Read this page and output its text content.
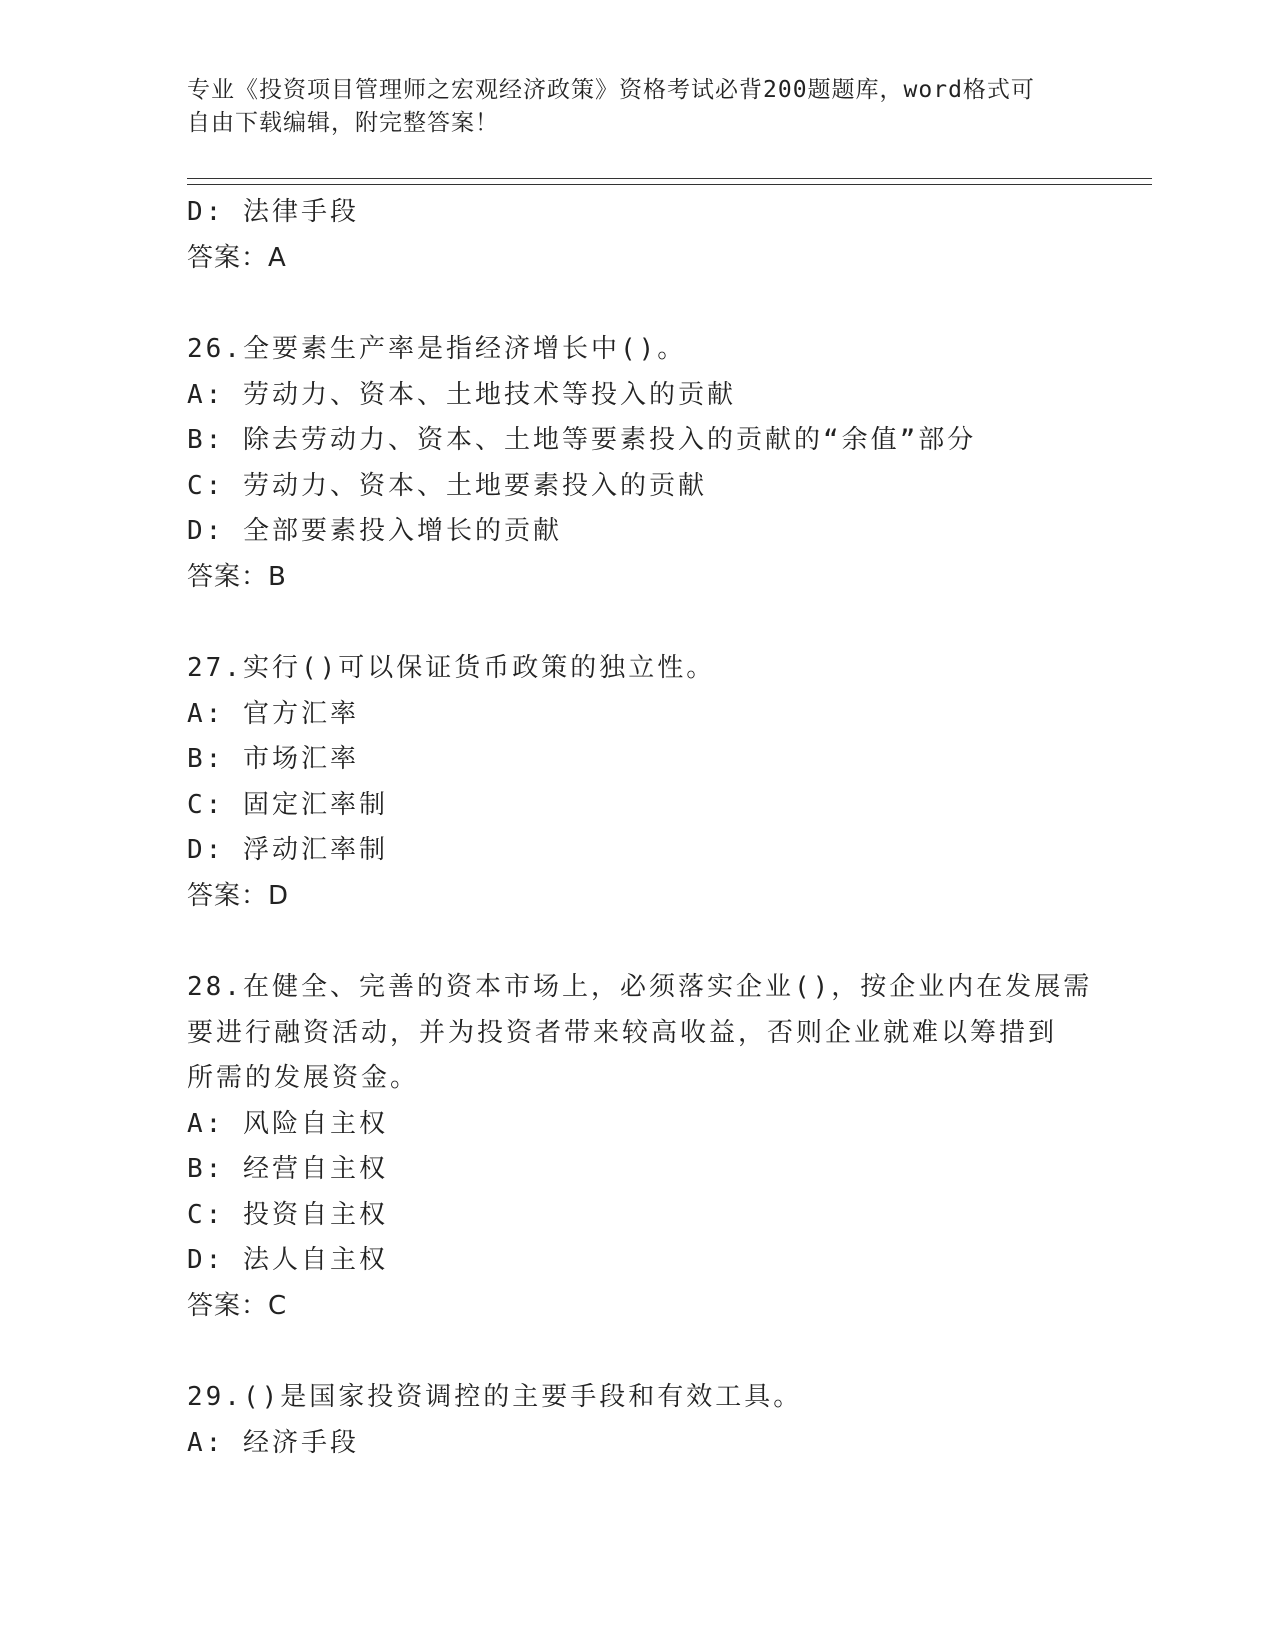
专业《投资项目管理师之宏观经济政策》资格考试必背200题题库，word格式可
自由下载编辑，附完整答案！
D: 法律手段
答案：A
26.全要素生产率是指经济增长中()。
A: 劳动力、资本、土地技术等投入的贡献
B: 除去劳动力、资本、土地等要素投入的贡献的“余值”部分
C: 劳动力、资本、土地要素投入的贡献
D: 全部要素投入增长的贡献
答案：B
27.实行()可以保证货币政策的独立性。
A: 官方汇率
B: 市场汇率
C: 固定汇率制
D: 浮动汇率制
答案：D
28.在健全、完善的资本市场上，必须落实企业()，按企业内在发展需
要进行融资活动，并为投资者带来较高收益，否则企业就难以筹措到
所需的发展资金。
A: 风险自主权
B: 经营自主权
C: 投资自主权
D: 法人自主权
答案：C
29.()是国家投资调控的主要手段和有效工具。
A: 经济手段
